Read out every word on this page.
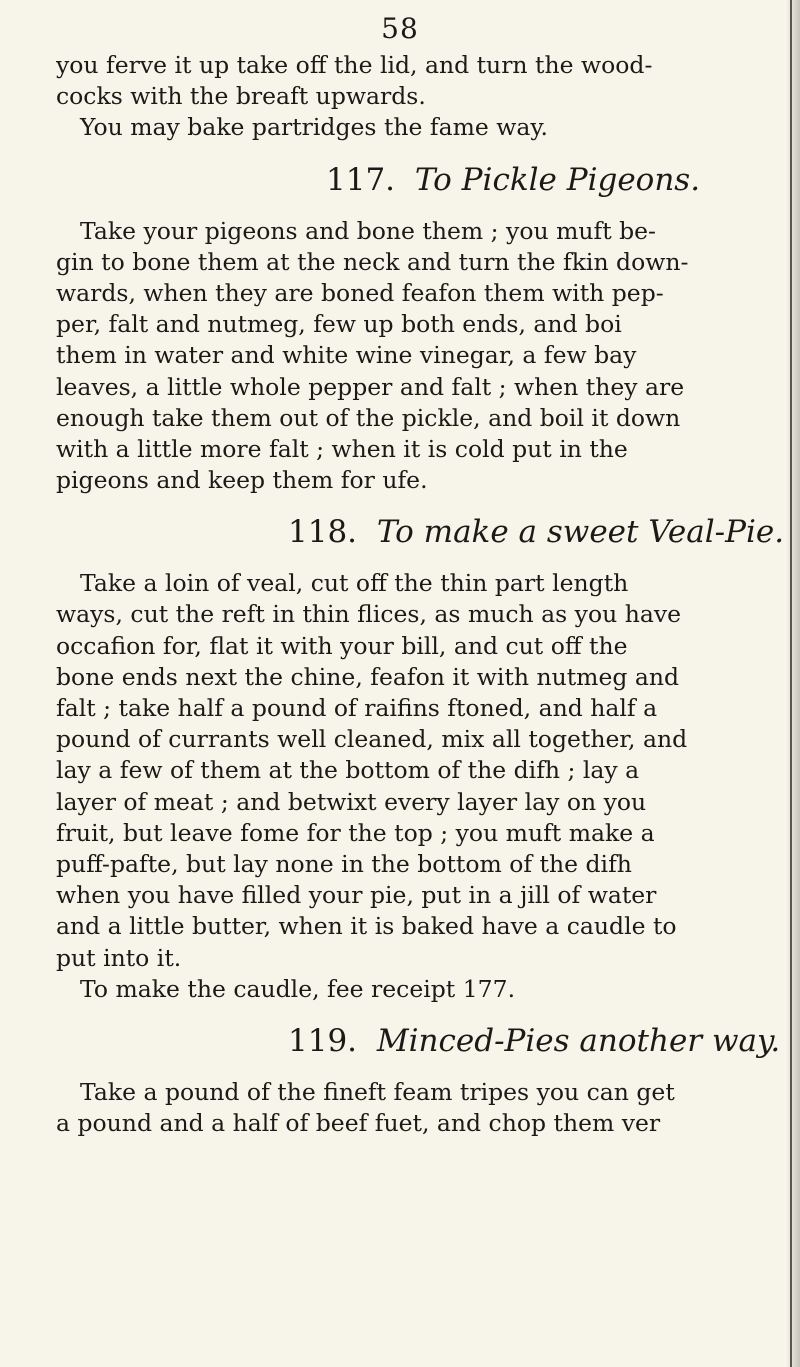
58
you ferve it up take off the lid, and turn the wood-
cocks with the breaft upwards.
You may bake partridges the fame way.
117. To Pickle Pigeons.
Take your pigeons and bone them ; you muft be-
gin to bone them at the neck and turn the fkin down-
wards, when they are boned feafon them with pep-
per, falt and nutmeg, few up both ends, and boi
them in water and white wine vinegar, a few bay
leaves, a little whole pepper and falt ; when they are
enough take them out of the pickle, and boil it down
with a little more falt ; when it is cold put in the
pigeons and keep them for ufe.
118. To make a sweet Veal-Pie.
Take a loin of veal, cut off the thin part length
ways, cut the reft in thin flices, as much as you have
occafion for, flat it with your bill, and cut off the
bone ends next the chine, feafon it with nutmeg and
falt ; take half a pound of raifins ftoned, and half a
pound of currants well cleaned, mix all together, and
lay a few of them at the bottom of the difh ; lay a
layer of meat ; and betwixt every layer lay on you
fruit, but leave fome for the top ; you muft make a
puff-pafte, but lay none in the bottom of the difh
when you have filled your pie, put in a jill of water
and a little butter, when it is baked have a caudle to
put into it.
To make the caudle, fee receipt 177.
119. Minced-Pies another way.
Take a pound of the fineft feam tripes you can get
a pound and a half of beef fuet, and chop them ver
